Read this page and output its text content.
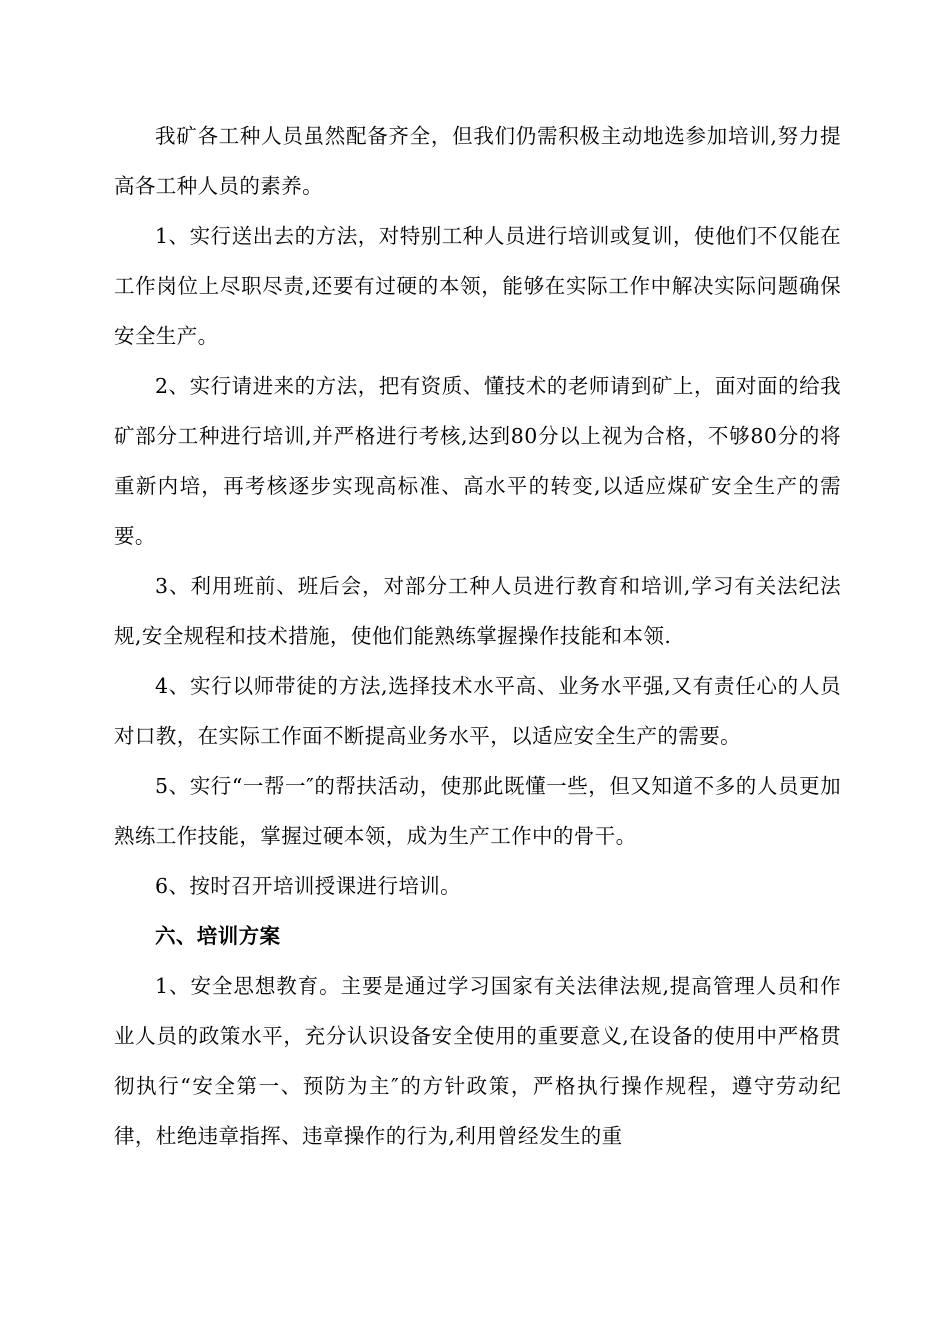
我矿各工种人员虽然配备齐全，但我们仍需积极主动地选参加培训,努力提高各工种人员的素养。

1、实行送出去的方法，对特别工种人员进行培训或复训，使他们不仅能在工作岗位上尽职尽责,还要有过硬的本领，能够在实际工作中解决实际问题确保安全生产。

2、实行请进来的方法，把有资质、懂技术的老师请到矿上，面对面的给我矿部分工种进行培训,并严格进行考核,达到80分以上视为合格，不够80分的将重新内培，再考核逐步实现高标准、高水平的转变,以适应煤矿安全生产的需要。

3、利用班前、班后会，对部分工种人员进行教育和培训,学习有关法纪法规,安全规程和技术措施，使他们能熟练掌握操作技能和本领.

4、实行以师带徒的方法,选择技术水平高、业务水平强,又有责任心的人员对口教，在实际工作面不断提高业务水平，以适应安全生产的需要。

5、实行“一帮一″的帮扶活动，使那此既懂一些，但又知道不多的人员更加熟练工作技能，掌握过硬本领，成为生产工作中的骨干。

6、按时召开培训授课进行培训。

六、培训方案

1、安全思想教育。主要是通过学习国家有关法律法规,提高管理人员和作业人员的政策水平，充分认识设备安全使用的重要意义,在设备的使用中严格贯彻执行“安全第一、预防为主″的方针政策，严格执行操作规程，遵守劳动纪律，杜绝违章指挥、违章操作的行为,利用曾经发生的重
